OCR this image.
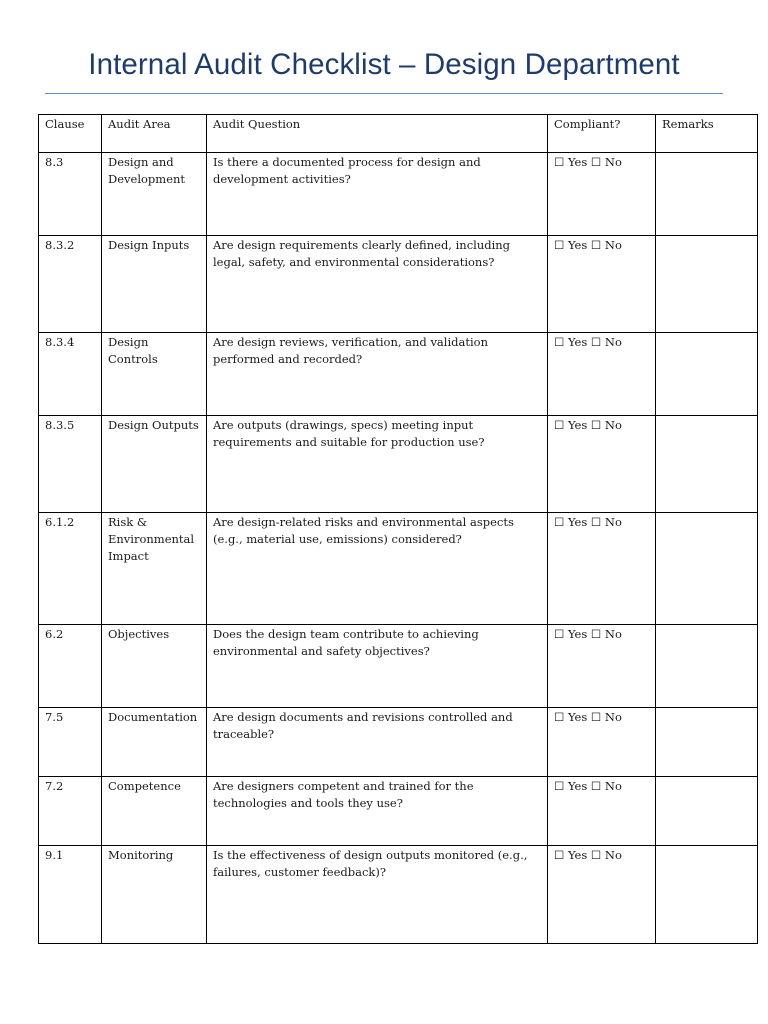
Internal Audit Checklist – Design Department
Clause	Audit Area	Audit Question	Compliant?	Remarks
8.3	Design and Development	Is there a documented process for design and development activities?	☐ Yes ☐ No	
8.3.2	Design Inputs	Are design requirements clearly defined, including legal, safety, and environmental considerations?	☐ Yes ☐ No	
8.3.4	Design Controls	Are design reviews, verification, and validation performed and recorded?	☐ Yes ☐ No	
8.3.5	Design Outputs	Are outputs (drawings, specs) meeting input requirements and suitable for production use?	☐ Yes ☐ No	
6.1.2	Risk & Environmental Impact	Are design-related risks and environmental aspects (e.g., material use, emissions) considered?	☐ Yes ☐ No	
6.2	Objectives	Does the design team contribute to achieving environmental and safety objectives?	☐ Yes ☐ No	
7.5	Documentation	Are design documents and revisions controlled and traceable?	☐ Yes ☐ No	
7.2	Competence	Are designers competent and trained for the technologies and tools they use?	☐ Yes ☐ No	
9.1	Monitoring	Is the effectiveness of design outputs monitored (e.g., failures, customer feedback)?	☐ Yes ☐ No	
